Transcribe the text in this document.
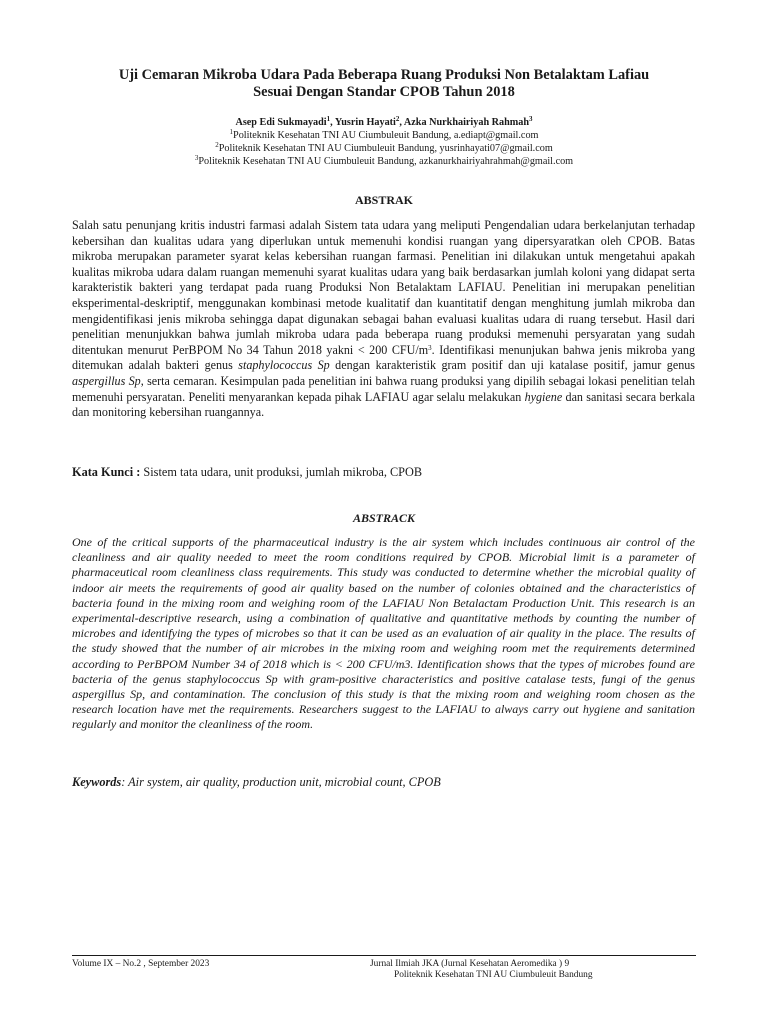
Uji Cemaran Mikroba Udara Pada Beberapa Ruang Produksi Non Betalaktam Lafiau
Sesuai Dengan Standar CPOB Tahun 2018
Asep Edi Sukmayadi$^1$, Yusrin Hayati$^2$, Azka Nurkhairiyah Rahmah$^3$
$^1$Politeknik Kesehatan TNI AU Ciumbuleuit Bandung, a.ediapt@gmail.com
$^2$Politeknik Kesehatan TNI AU Ciumbuleuit Bandung, yusrinhayati07@gmail.com
$^3$Politeknik Kesehatan TNI AU Ciumbuleuit Bandung, azkanurkhairiyahrahmah@gmail.com
ABSTRAK

Salah satu penunjang kritis industri farmasi adalah Sistem tata udara yang meliputi Pengendalian udara berkelanjutan terhadap kebersihan dan kualitas udara yang diperlukan untuk memenuhi kondisi ruangan yang dipersyaratkan oleh CPOB. Batas mikroba merupakan parameter syarat kelas kebersihan ruangan farmasi. Penelitian ini dilakukan untuk mengetahui apakah kualitas mikroba udara dalam ruangan memenuhi syarat kualitas udara yang baik berdasarkan jumlah koloni yang didapat serta karakteristik bakteri yang terdapat pada ruang Produksi Non Betalaktam LAFIAU. Penelitian ini merupakan penelitian eksperimental-deskriptif, menggunakan kombinasi metode kualitatif dan kuantitatif dengan menghitung jumlah mikroba dan mengidentifikasi jenis mikroba sehingga dapat digunakan sebagai bahan evaluasi kualitas udara di ruang tersebut. Hasil dari penelitian menunjukkan bahwa jumlah mikroba udara pada beberapa ruang produksi memenuhi persyaratan yang sudah ditentukan menurut PerBPOM No 34 Tahun 2018 yakni < 200 CFU/$m^3$. Identifikasi menunjukan bahwa jenis mikroba yang ditemukan adalah bakteri genus staphylococcus Sp dengan karakteristik gram positif dan uji katalase positif, jamur genus aspergillus Sp, serta cemaran. Kesimpulan pada penelitian ini bahwa ruang produksi yang dipilih sebagai lokasi penelitian telah memenuhi persyaratan. Peneliti menyarankan kepada pihak LAFIAU agar selalu melakukan hygiene dan sanitasi secara berkala dan monitoring kebersihan ruangannya.

Kata Kunci : Sistem tata udara, unit produksi, jumlah mikroba, CPOB
ABSTRACK

One of the critical supports of the pharmaceutical industry is the air system which includes continuous air control of the cleanliness and air quality needed to meet the room conditions required by CPOB. Microbial limit is a parameter of pharmaceutical room cleanliness class requirements. This study was conducted to determine whether the microbial quality of indoor air meets the requirements of good air quality based on the number of colonies obtained and the characteristics of bacteria found in the mixing room and weighing room of the LAFIAU Non Betalactam Production Unit. This research is an experimental-descriptive research, using a combination of qualitative and quantitative methods by counting the number of microbes and identifying the types of microbes so that it can be used as an evaluation of air quality in the place. The results of the study showed that the number of air microbes in the mixing room and weighing room met the requirements determined according to PerBPOM Number 34 of 2018 which is < 200 CFU/m3. Identification shows that the types of microbes found are bacteria of the genus staphylococcus Sp with gram-positive characteristics and positive catalase tests, fungi of the genus aspergillus Sp, and contamination. The conclusion of this study is that the mixing room and weighing room chosen as the research location have met the requirements. Researchers suggest to the LAFIAU to always carry out hygiene and sanitation regularly and monitor the cleanliness of the room.

Keywords: Air system, air quality, production unit, microbial count, CPOB
Volume IX – No.2 , September 2023	Jurnal Ilmiah JKA (Jurnal Kesehatan Aeromedika ) 9
Politeknik Kesehatan TNI AU Ciumbuleuit Bandung
